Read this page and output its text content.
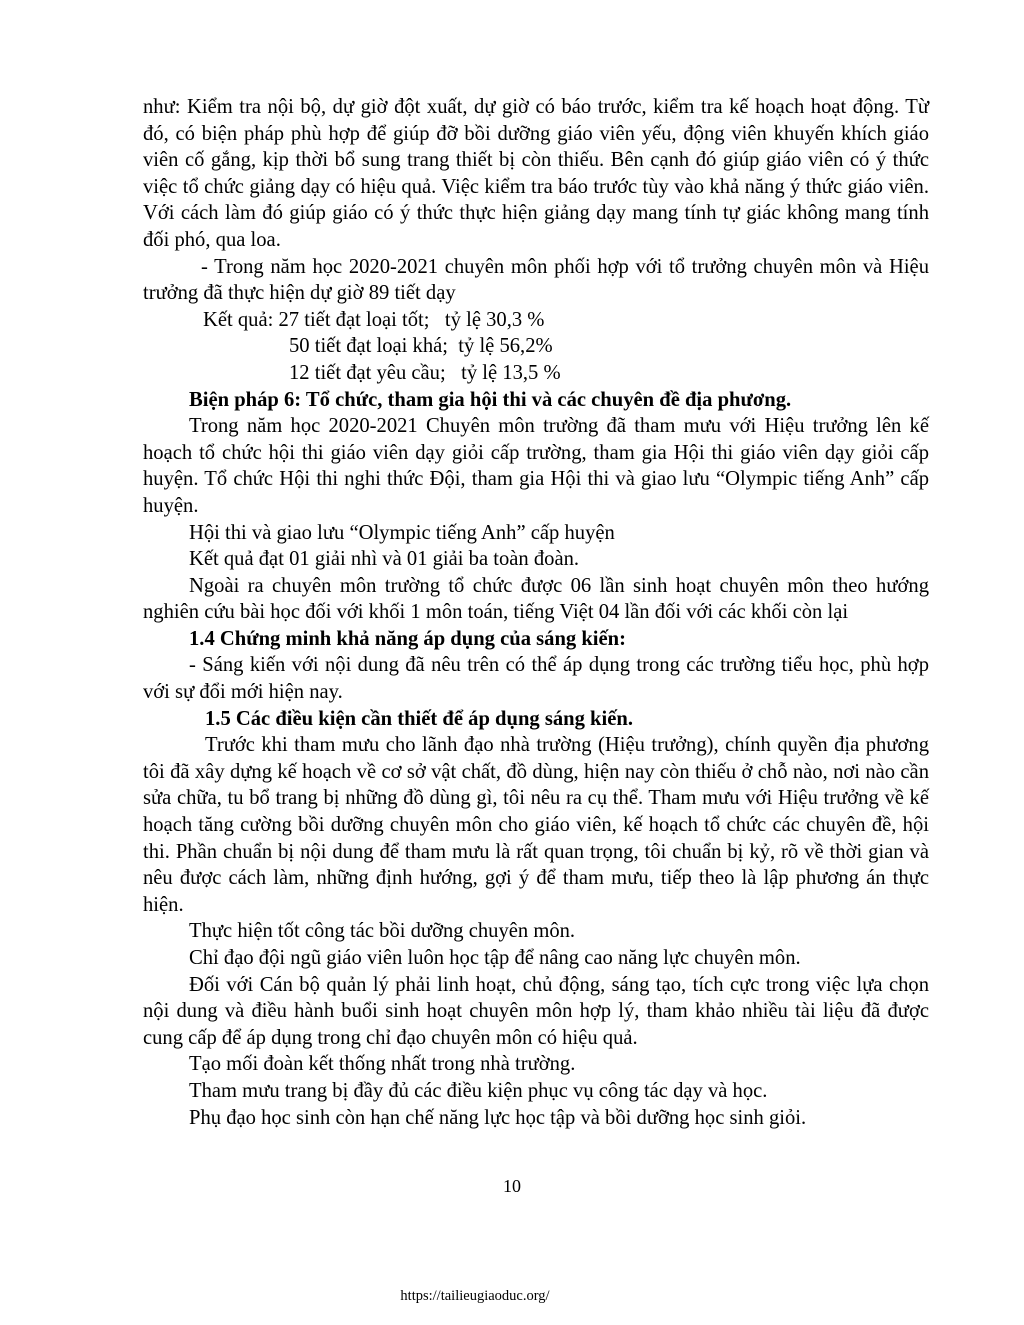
như: Kiểm tra nội bộ, dự giờ đột xuất, dự giờ có báo trước, kiểm tra kế hoạch hoạt động. Từ đó, có biện pháp phù hợp để giúp đỡ bồi dưỡng giáo viên yếu, động viên khuyến khích giáo viên cố gắng, kịp thời bổ sung trang thiết bị còn thiếu. Bên cạnh đó giúp giáo viên có ý thức việc tổ chức giảng dạy có hiệu quả. Việc kiểm tra báo trước tùy vào khả năng ý thức giáo viên. Với cách làm đó giúp giáo có ý thức thực hiện giảng dạy mang tính tự giác không mang tính đối phó, qua loa.

- Trong năm học 2020-2021 chuyên môn phối hợp với tổ trưởng chuyên môn và Hiệu trưởng đã thực hiện dự giờ 89 tiết dạy

Kết quả: 27 tiết đạt loại tốt;   tỷ lệ 30,3 %

50 tiết đạt loại khá;  tỷ lệ 56,2%

12 tiết đạt yêu cầu;   tỷ lệ 13,5 %

Biện pháp 6: Tổ chức, tham gia hội thi và các chuyên đề địa phương.

Trong năm học 2020-2021 Chuyên môn trường đã tham mưu với Hiệu trưởng lên kế hoạch tổ chức hội thi giáo viên dạy giỏi cấp trường, tham gia Hội thi giáo viên dạy giỏi cấp huyện. Tổ chức Hội thi nghi thức Đội, tham gia Hội thi và giao lưu “Olympic tiếng Anh” cấp huyện.

Hội thi và giao lưu “Olympic tiếng Anh” cấp huyện

Kết quả đạt 01 giải nhì và 01 giải ba toàn đoàn.

Ngoài ra chuyên môn trường tổ chức được 06 lần sinh hoạt chuyên môn theo hướng nghiên cứu bài học đối với khối 1 môn toán, tiếng Việt 04 lần đối với các khối còn lại

1.4 Chứng minh khả năng áp dụng của sáng kiến:

- Sáng kiến với nội dung đã nêu trên có thể áp dụng trong các trường tiểu học, phù hợp với sự đổi mới hiện nay.

1.5 Các điều kiện cần thiết để áp dụng sáng kiến.

Trước khi tham mưu cho lãnh đạo nhà trường (Hiệu trưởng), chính quyền địa phương tôi đã xây dựng kế hoạch về cơ sở vật chất, đồ dùng, hiện nay còn thiếu ở chỗ nào, nơi nào cần sửa chữa, tu bổ trang bị những đồ dùng gì, tôi nêu ra cụ thể. Tham mưu với Hiệu trưởng về kế hoạch tăng cường bồi dưỡng chuyên môn cho giáo viên, kế hoạch tổ chức các chuyên đề, hội thi. Phần chuẩn bị nội dung để tham mưu là rất quan trọng, tôi chuẩn bị kỷ, rõ về thời gian và nêu được cách làm, những định hướng, gợi ý để tham mưu, tiếp theo là lập phương án thực hiện.

Thực hiện tốt công tác bồi dưỡng chuyên môn.

Chỉ đạo đội ngũ giáo viên luôn học tập để nâng cao năng lực chuyên môn.

Đối với Cán bộ quản lý phải linh hoạt, chủ động, sáng tạo, tích cực trong việc lựa chọn nội dung và điều hành buổi sinh hoạt chuyên môn hợp lý, tham khảo nhiều tài liệu đã được cung cấp để áp dụng trong chỉ đạo chuyên môn có hiệu quả.

Tạo mối đoàn kết thống nhất trong nhà trường.

Tham mưu trang bị đầy đủ các điều kiện phục vụ công tác dạy và học.

Phụ đạo học sinh còn hạn chế năng lực học tập và bồi dưỡng học sinh giỏi.

10
https://tailieugiaoduc.org/
